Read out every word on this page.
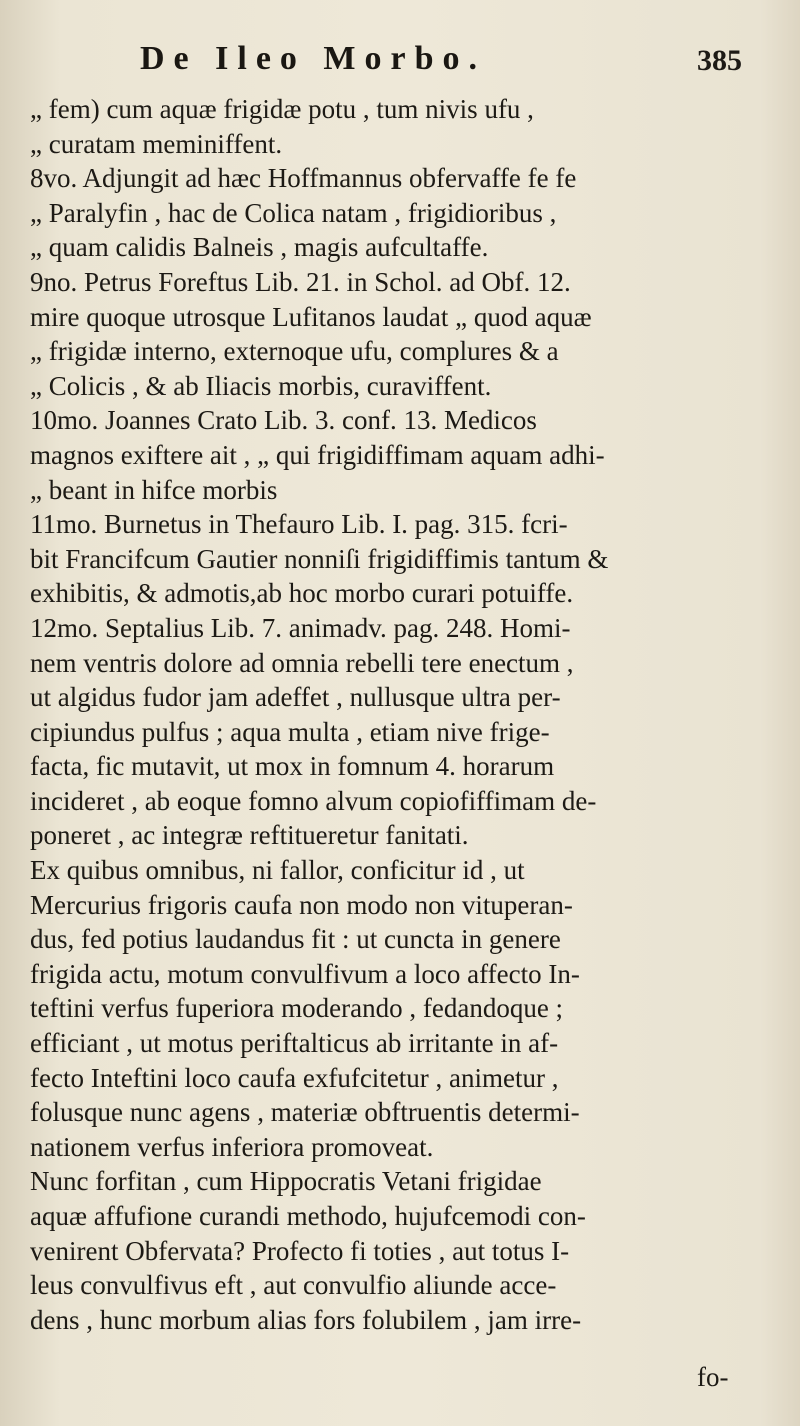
De Ileo Morbo.	385
„ fem) cum aquæ frigidæ potu , tum nivis ufu ,
„ curatam meminiffent.
8vo. Adjungit ad hæc Hoffmannus obfervaffe fe fe
„ Paralyfin , hac de Colica natam , frigidioribus ,
„ quam calidis Balneis , magis aufcultaffe.
9no. Petrus Foreftus Lib. 21. in Schol. ad Obf. 12.
mire quoque utrosque Lufitanos laudat „ quod aquæ
„ frigidæ interno, externoque ufu, complures & a
„ Colicis , & ab Iliacis morbis, curaviffent.
10mo. Joannes Crato Lib. 3. conf. 13. Medicos
magnos exiftere ait , „ qui frigidiffimam aquam adhi-
„ beant in hifce morbis
11mo. Burnetus in Thefauro Lib. I. pag. 315. fcri-
bit Francifcum Gautier nonniſi frigidiffimis tantum &
exhibitis, & admotis,ab hoc morbo curari potuiffe.
12mo. Septalius Lib. 7. animadv. pag. 248. Homi-
nem ventris dolore ad omnia rebelli tere enectum ,
ut algidus fudor jam adeffet , nullusque ultra per-
cipiundus pulfus ; aqua multa , etiam nive frige-
facta, fic mutavit, ut mox in fomnum 4. horarum
incideret , ab eoque fomno alvum copiofiffimam de-
poneret , ac integræ reftitueretur fanitati.
Ex quibus omnibus, ni fallor, conficitur id , ut
Mercurius frigoris caufa non modo non vituperan-
dus, fed potius laudandus fit : ut cuncta in genere
frigida actu, motum convulfivum a loco affecto In-
teftini verfus fuperiora moderando , fedandoque ;
efficiant , ut motus periftalticus ab irritante in af-
fecto Inteftini loco caufa exfufcitetur , animetur ,
folusque nunc agens , materiæ obftruentis determi-
nationem verfus inferiora promoveat.
Nunc forfitan , cum Hippocratis Vetani frigidae
aquæ affufione curandi methodo, hujufcemodi con-
venirent Obfervata? Profecto fi toties , aut totus I-
leus convulfivus eft , aut convulfio aliunde acce-
dens , hunc morbum alias fors folubilem , jam irre-
fo-
